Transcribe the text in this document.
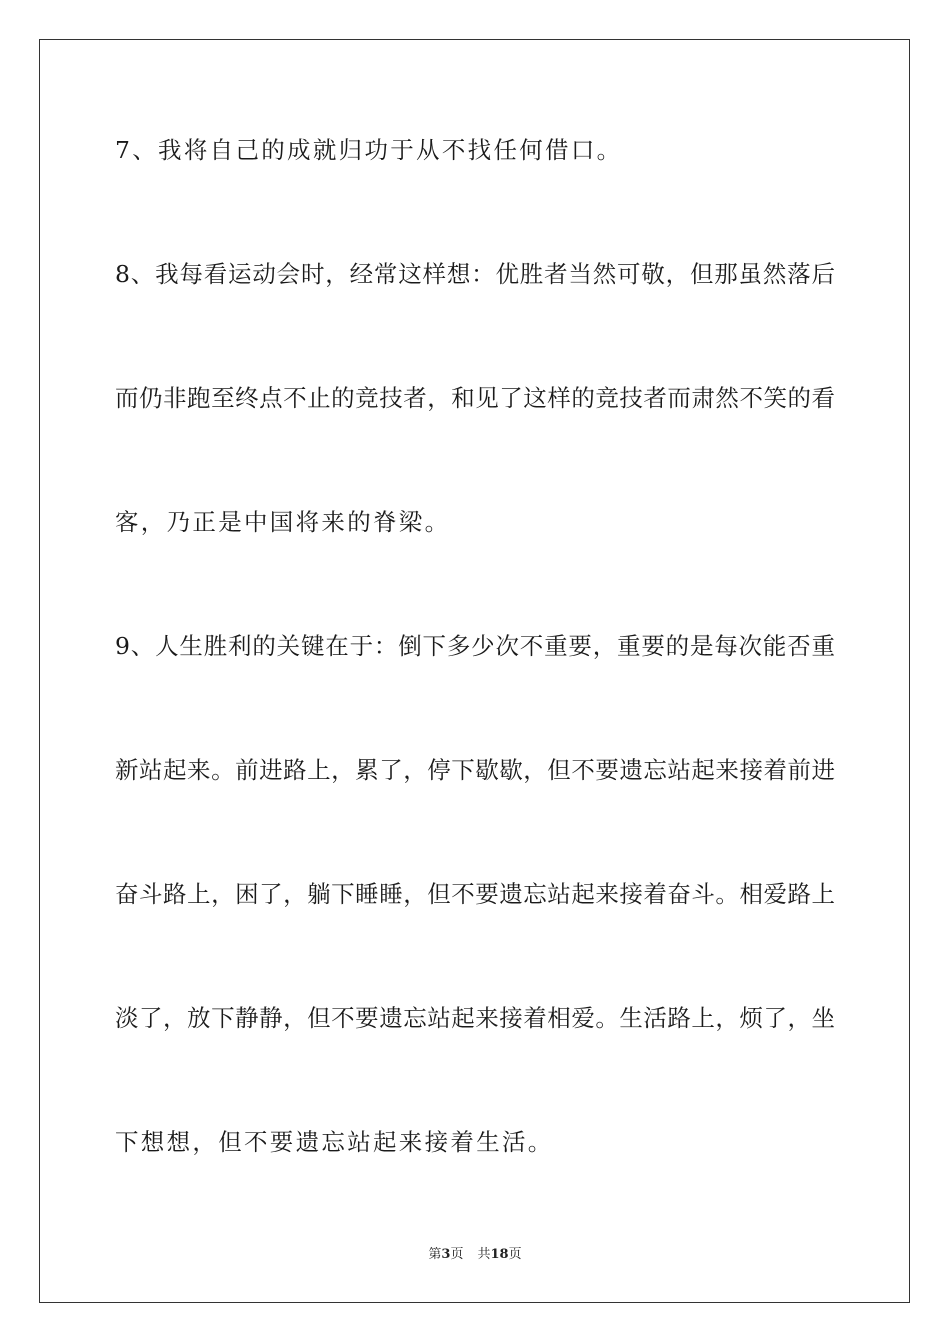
7、我将自己的成就归功于从不找任何借口。
8、我每看运动会时，经常这样想：优胜者当然可敬，但那虽然落后
而仍非跑至终点不止的竞技者，和见了这样的竞技者而肃然不笑的看
客，乃正是中国将来的脊梁。
9、人生胜利的关键在于：倒下多少次不重要，重要的是每次能否重
新站起来。前进路上，累了，停下歇歇，但不要遗忘站起来接着前进
奋斗路上，困了，躺下睡睡，但不要遗忘站起来接着奋斗。相爱路上
淡了，放下静静，但不要遗忘站起来接着相爱。生活路上，烦了，坐
下想想，但不要遗忘站起来接着生活。
第3页 共18页
